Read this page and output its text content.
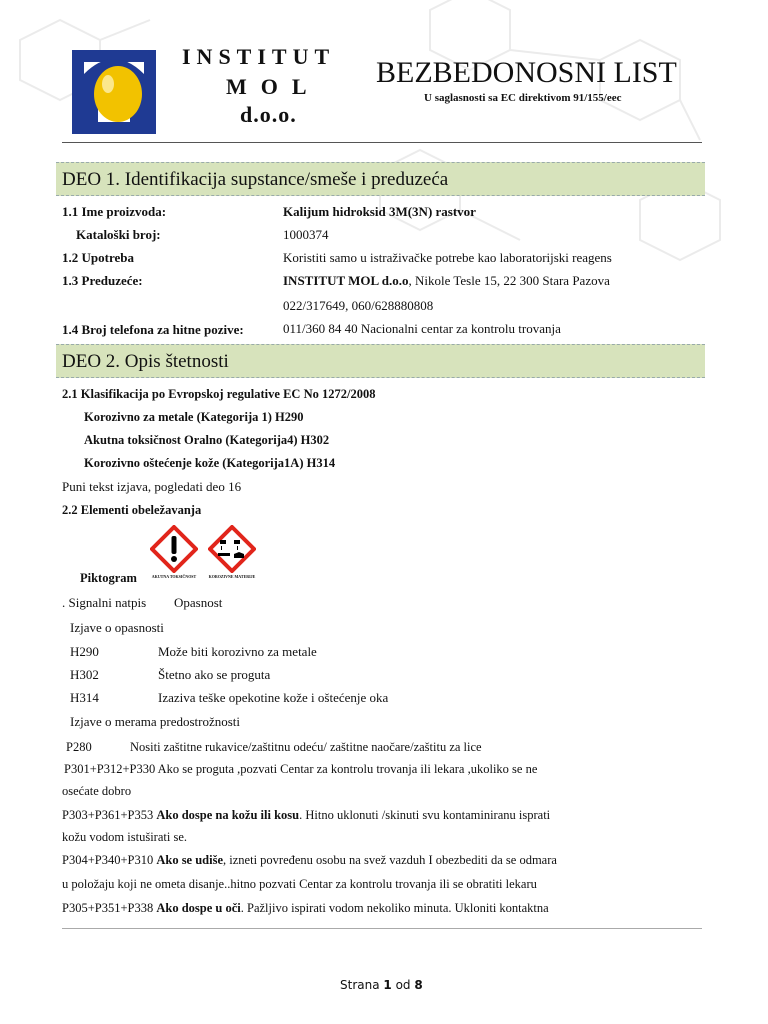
INSTITUT
MOL
d.o.o.
BEZBEDONOSNI LIST
U saglasnosti sa EC direktivom 91/155/eec
DEO 1. Identifikacija supstance/smeše i preduzeća
1.1 Ime proizvoda:	Kalijum hidroksid 3M(3N) rastvor
Kataloški broj:	1000374
1.2 Upotreba	Koristiti samo u istraživačke potrebe kao laboratorijski reagens
1.3 Preduzeće:	INSTITUT MOL d.o.o, Nikole Tesle 15, 22 300 Stara Pazova
022/317649, 060/628880808
1.4 Broj telefona za hitne pozive:	011/360 84 40 Nacionalni centar za kontrolu trovanja
DEO 2. Opis štetnosti
2.1 Klasifikacija po Evropskoj regulative EC No 1272/2008
Korozivno za metale (Kategorija 1) H290
Akutna toksičnost Oralno (Kategorija4) H302
Korozivno oštećenje kože (Kategorija1A) H314
Puni tekst izjava, pogledati deo 16
2.2 Elementi obeležavanja
AKUTNA TOKSIČNOST	KOROZIVNE MATERIJE
Piktogram
. Signalni natpis Opasnost
Izjave o opasnosti
H290	Može biti korozivno za metale
H302	Štetno ako se proguta
H314	Izaziva teške opekotine kože i oštećenje oka
Izjave o merama predostrožnosti
P280	Nositi zaštitne rukavice/zaštitnu odeću/ zaštitne naočare/zaštitu za lice
P301+P312+P330 Ako se proguta ,pozvati Centar za kontrolu trovanja ili lekara ,ukoliko se ne
osećate dobro
P303+P361+P353 Ako dospe na kožu ili kosu. Hitno uklonuti /skinuti svu kontaminiranu isprati
kožu vodom istuširati se.
P304+P340+P310 Ako se udiše, izneti povređenu osobu na svež vazduh I obezbediti da se odmara
u položaju koji ne ometa disanje..hitno pozvati Centar za kontrolu trovanja ili se obratiti lekaru
P305+P351+P338 Ako dospe u oči. Pažljivo ispirati vodom nekoliko minuta. Ukloniti kontaktna
Strana 1 od 8
